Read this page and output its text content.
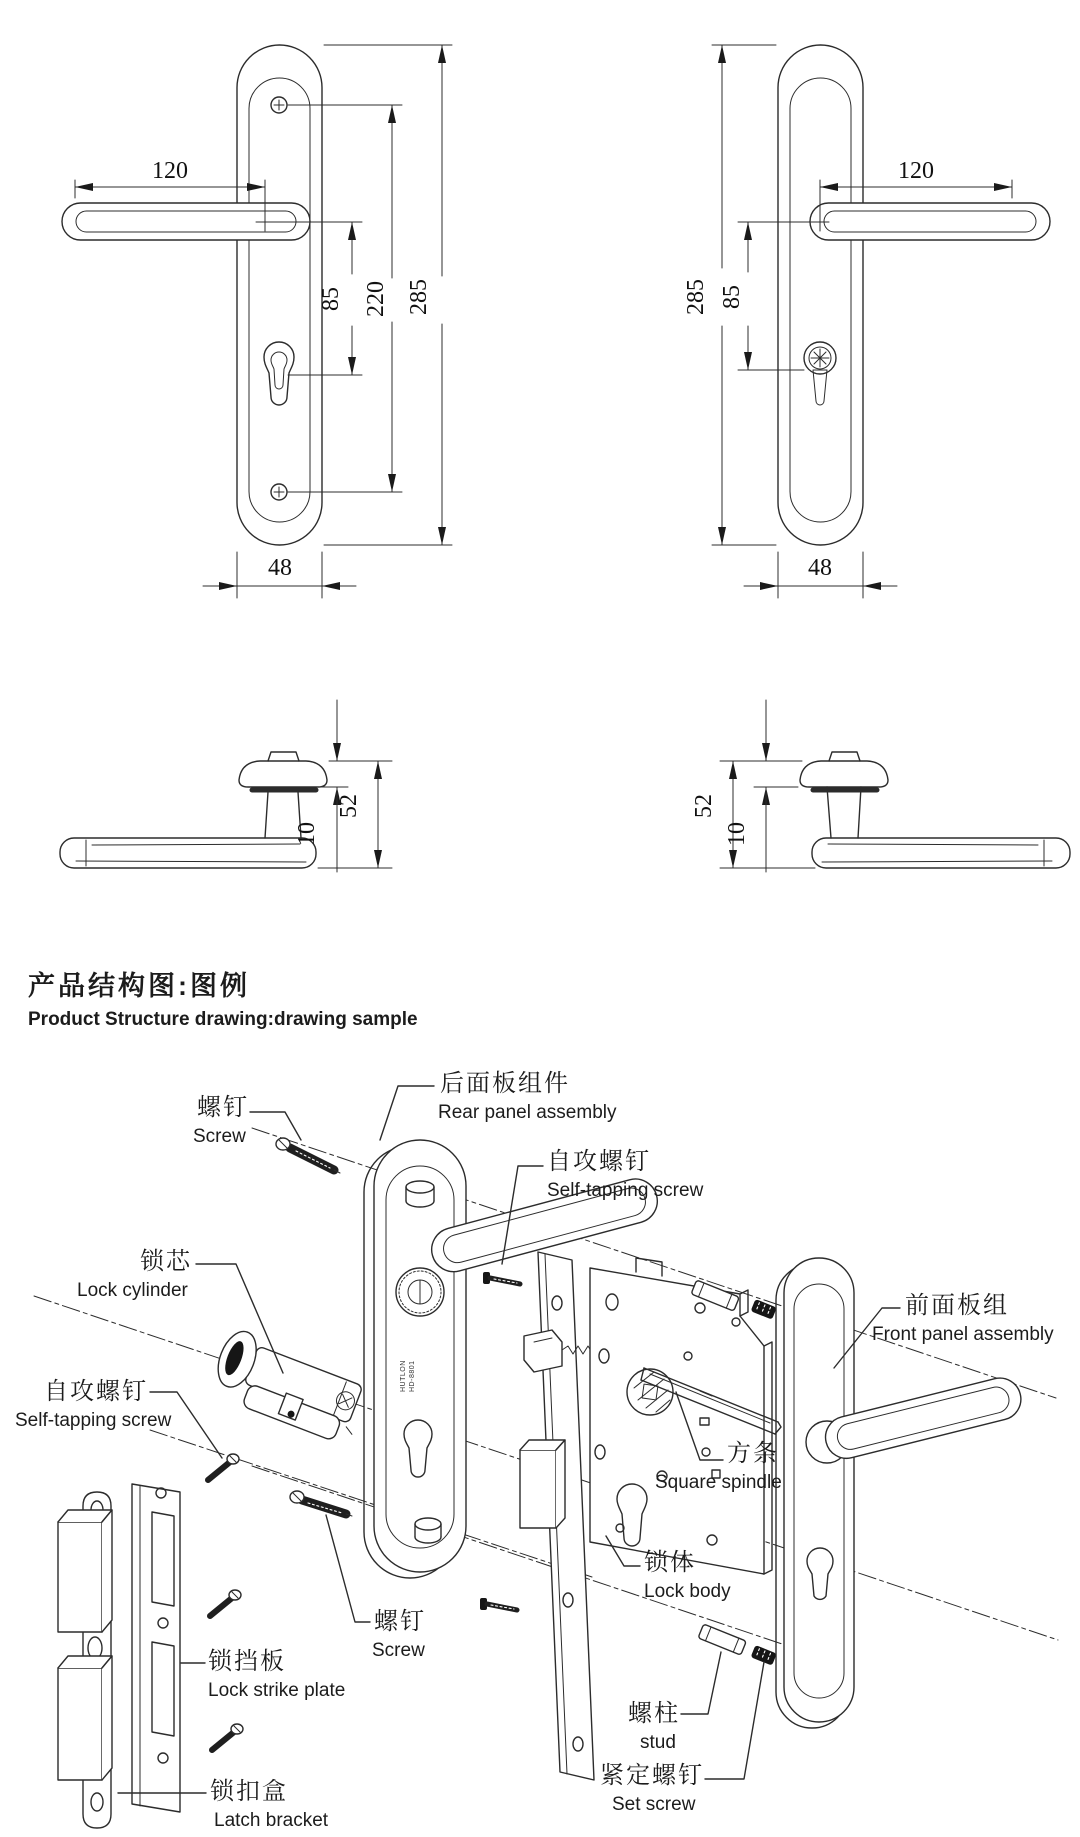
120
85 220 285
48
120
285 85
48
10
52	52
10
HUTLON HD-8801
产品结构图:图例
Product Structure drawing:drawing sample
螺钉
Screw
后面板组件
Rear panel assembly
自攻螺钉
Self-tapping screw
锁芯
Lock cylinder
前面板组
Front panel assembly
自攻螺钉
Self-tapping screw
方条
Square spindle
锁体
Lock body
螺钉
Screw
锁挡板
Lock strike plate
螺柱
stud
锁扣盒
Latch bracket
紧定螺钉
Set screw
